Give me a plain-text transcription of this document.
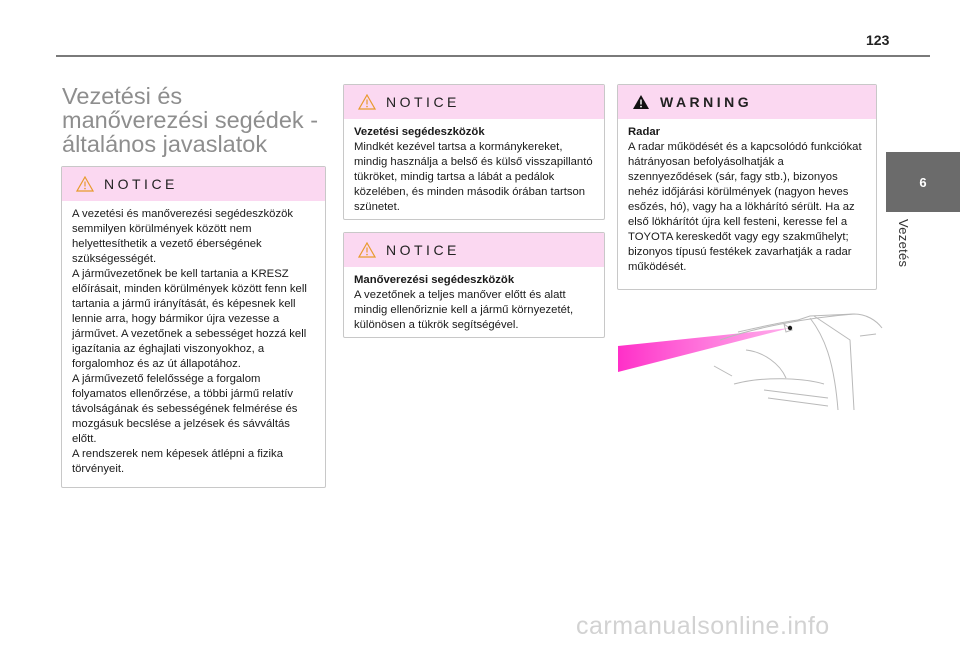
123
6
Vezetés
Vezetési és manőverezési segédek - általános javaslatok
NOTICE

A vezetési és manőverezési segédeszközök semmilyen körülmények között nem helyettesíthetik a vezető éberségének szükségességét.

A járművezetőnek be kell tartania a KRESZ előírásait, minden körülmények között fenn kell tartania a jármű irányítását, és képesnek kell lennie arra, hogy bármikor újra vezesse a járművet. A vezetőnek a sebességet hozzá kell igazítania az éghajlati viszonyokhoz, a forgalomhoz és az út állapotához.

A járművezető felelőssége a forgalom folyamatos ellenőrzése, a többi jármű relatív távolságának és sebességének felmérése és mozgásuk becslése a jelzések és sávváltás előtt.

A rendszerek nem képesek átlépni a fizika törvényeit.

NOTICE

Vezetési segédeszközök

Mindkét kezével tartsa a kormánykereket, mindig használja a belső és külső visszapillantó tükröket, mindig tartsa a lábát a pedálok közelében, és minden második órában tartson szünetet.

NOTICE

Manőverezési segédeszközök

A vezetőnek a teljes manőver előtt és alatt mindig ellenőriznie kell a jármű környezetét, különösen a tükrök segítségével.

WARNING

Radar

A radar működését és a kapcsolódó funkciókat hátrányosan befolyásolhatják a szennyeződések (sár, fagy stb.), bizonyos nehéz időjárási körülmények (nagyon heves esőzés, hó), vagy ha a lökhárító sérült. Ha az első lökhárítót újra kell festeni, keresse fel a TOYOTA kereskedőt vagy egy szakműhelyt; bizonyos típusú festékek zavarhatják a radar működését.

carmanualsonline.info
